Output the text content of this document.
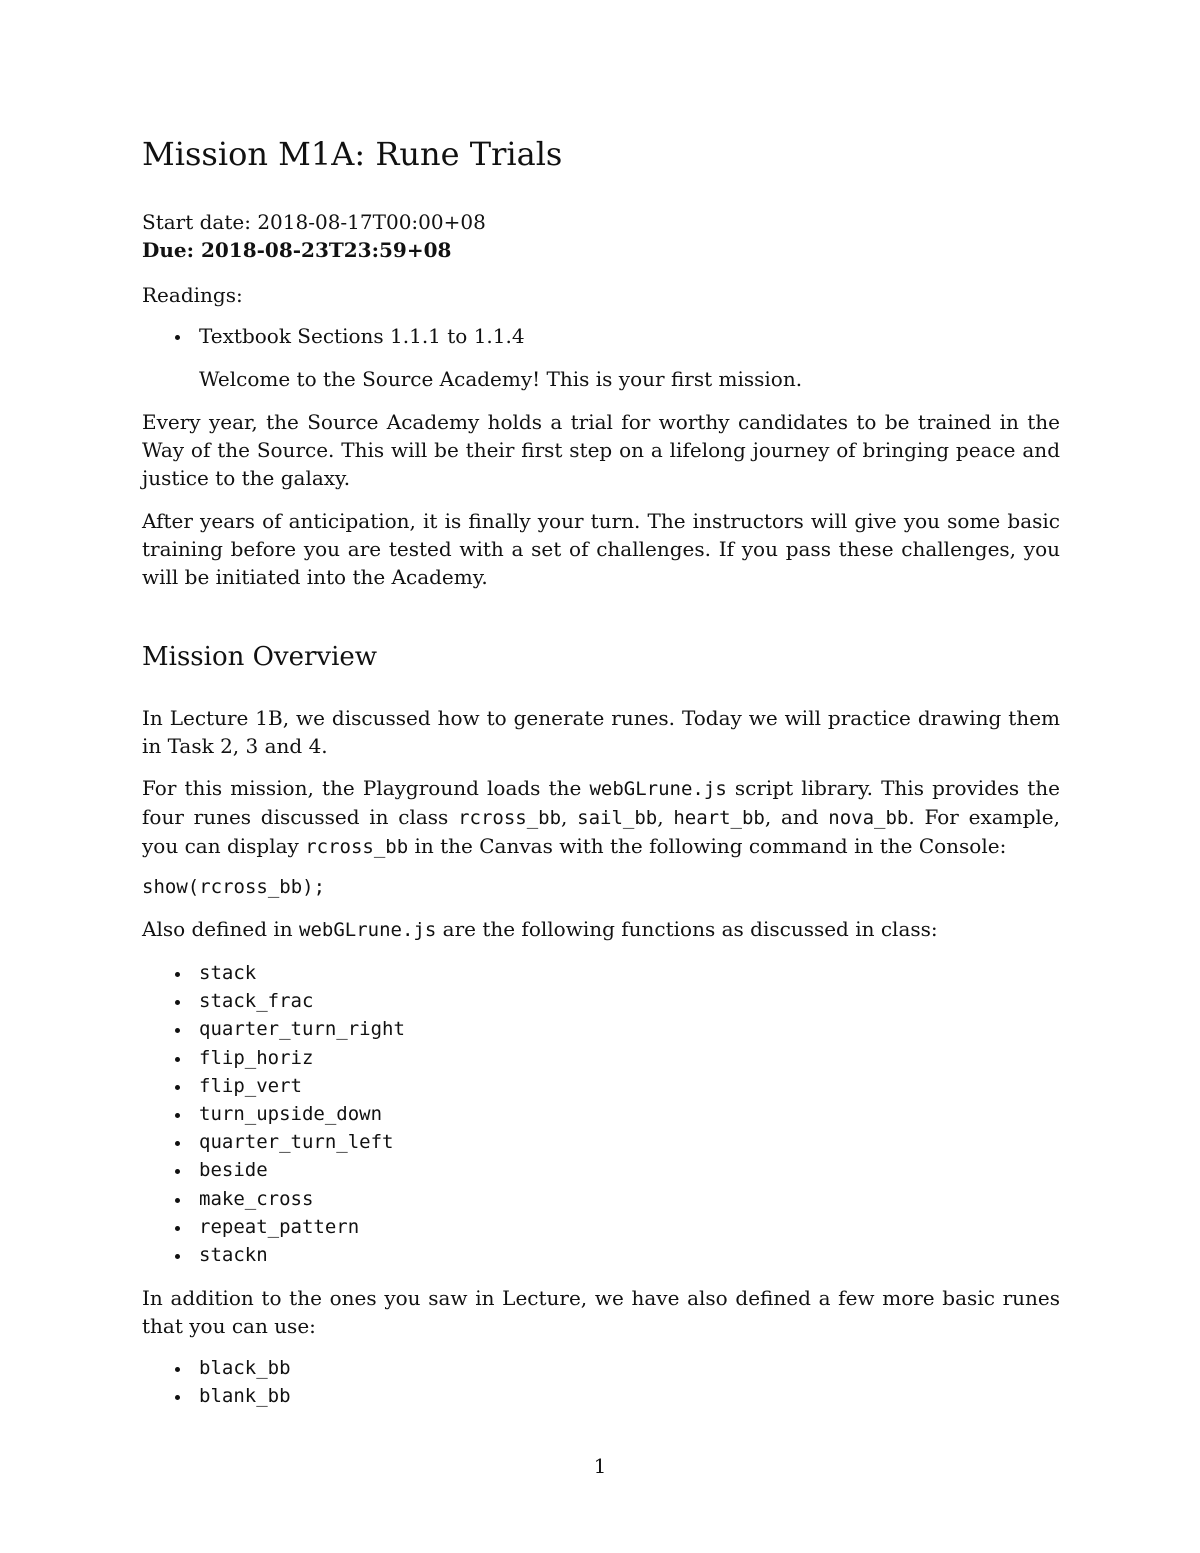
Mission M1A: Rune Trials
Start date: 2018-08-17T00:00+08
Due: 2018-08-23T23:59+08
Readings:
Textbook Sections 1.1.1 to 1.1.4
Welcome to the Source Academy! This is your first mission.

Every year, the Source Academy holds a trial for worthy candidates to be trained in the Way of the Source. This will be their first step on a lifelong journey of bringing peace and justice to the galaxy.

After years of anticipation, it is finally your turn. The instructors will give you some basic training before you are tested with a set of challenges. If you pass these challenges, you will be initiated into the Academy.

Mission Overview

In Lecture 1B, we discussed how to generate runes. Today we will practice drawing them in Task 2, 3 and 4.

For this mission, the Playground loads the webGLrune.js script library. This provides the four runes discussed in class rcross_bb, sail_bb, heart_bb, and nova_bb. For example, you can display rcross_bb in the Canvas with the following command in the Console:

show(rcross_bb);
Also defined in webGLrune.js are the following functions as discussed in class:
stack
stack_frac
quarter_turn_right
flip_horiz
flip_vert
turn_upside_down
quarter_turn_left
beside
make_cross
repeat_pattern
stackn

In addition to the ones you saw in Lecture, we have also defined a few more basic runes that you can use:

black_bb
blank_bb
1
